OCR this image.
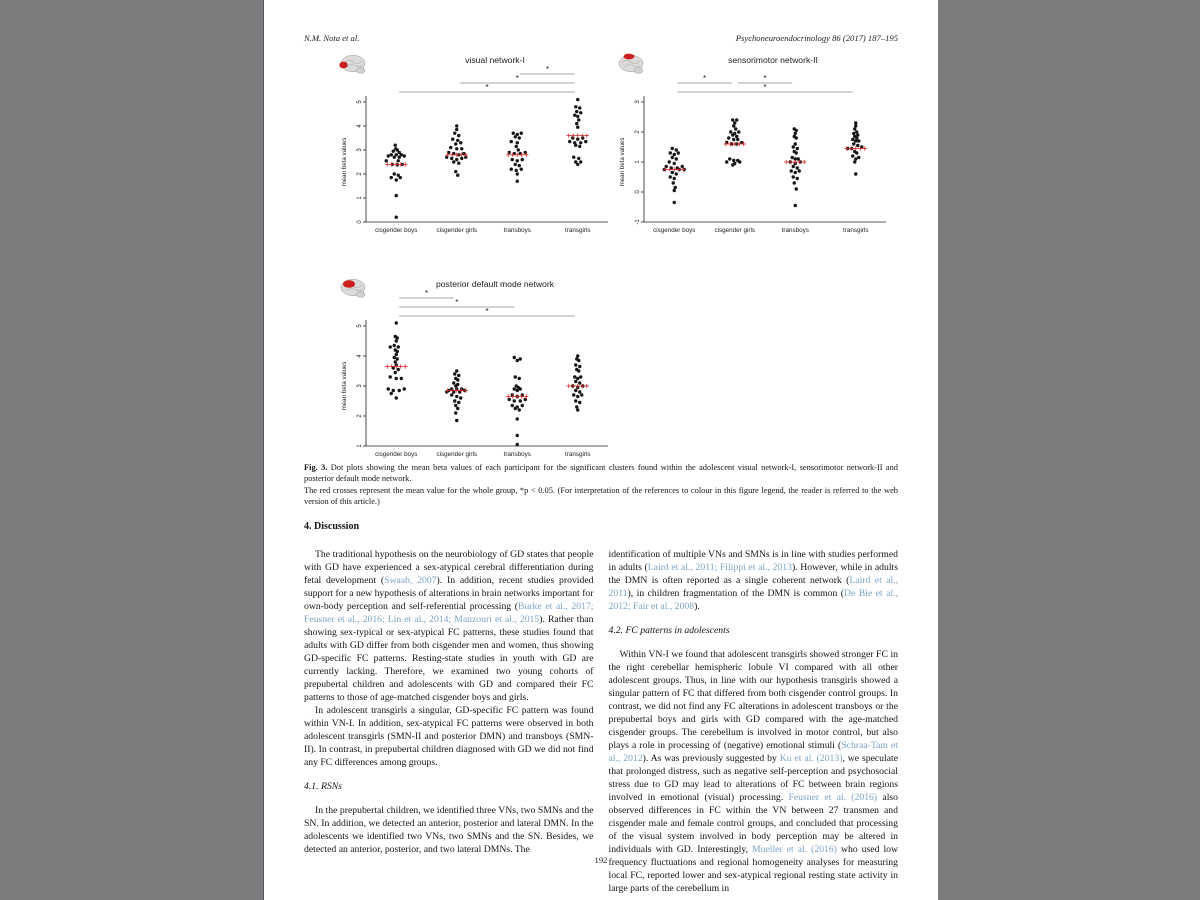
N.M. Nota et al.	Psychoneuroendocrinology 86 (2017) 187–195
visual network-I
0
1
2
3
4
5
mean beta values
*
*
*
cisgender boys	cisgender girls	transboys	transgirls
sensorimotor network-II
-1
0
1
2
3
mean beta values
*	*
*
cisgender boys	cisgender girls	transboys	transgirls
posterior default mode network
1
2
3
4
5
mean beta values
*
*
*
cisgender boys	cisgender girls	transboys	transgirls

Fig. 3. Dot plots showing the mean beta values of each participant for the significant clusters found within the adolescent visual network-I, sensorimotor network-II and posterior default mode network.

The red crosses represent the mean value for the whole group, *p < 0.05. (For interpretation of the references to colour in this figure legend, the reader is referred to the web version of this article.)

4. Discussion

The traditional hypothesis on the neurobiology of GD states that people with GD have experienced a sex-atypical cerebral differentiation during fetal development (Swaab, 2007). In addition, recent studies provided support for a new hypothesis of alterations in brain networks important for own-body perception and self-referential processing (Burke et al., 2017; Feusner et al., 2016; Lin et al., 2014; Manzouri et al., 2015). Rather than showing sex-typical or sex-atypical FC patterns, these studies found that adults with GD differ from both cisgender men and women, thus showing GD-specific FC patterns. Resting-state studies in youth with GD are currently lacking. Therefore, we examined two young cohorts of prepubertal children and adolescents with GD and compared their FC patterns to those of age-matched cisgender boys and girls.

In adolescent transgirls a singular, GD-specific FC pattern was found within VN-I. In addition, sex-atypical FC patterns were observed in both adolescent transgirls (SMN-II and posterior DMN) and transboys (SMN-II). In contrast, in prepubertal children diagnosed with GD we did not find any FC differences among groups.

4.1. RSNs

In the prepubertal children, we identified three VNs, two SMNs and the SN. In addition, we detected an anterior, posterior and lateral DMN. In the adolescents we identified two VNs, two SMNs and the SN. Besides, we detected an anterior, posterior, and two lateral DMNs. The

identification of multiple VNs and SMNs is in line with studies performed in adults (Laird et al., 2011; Filippi et al., 2013). However, while in adults the DMN is often reported as a single coherent network (Laird et al., 2011), in children fragmentation of the DMN is common (De Bie et al., 2012; Fair et al., 2008).

4.2. FC patterns in adolescents

Within VN-I we found that adolescent transgirls showed stronger FC in the right cerebellar hemispheric lobule VI compared with all other adolescent groups. Thus, in line with our hypothesis transgirls showed a singular pattern of FC that differed from both cisgender control groups. In contrast, we did not find any FC alterations in adolescent transboys or the prepubertal boys and girls with GD compared with the age-matched cisgender groups. The cerebellum is involved in motor control, but also plays a role in processing of (negative) emotional stimuli (Schraa-Tam et al., 2012). As was previously suggested by Ku et al. (2013), we speculate that prolonged distress, such as negative self-perception and psychosocial stress due to GD may lead to alterations of FC between brain regions involved in emotional (visual) processing. Feusner et al. (2016) also observed differences in FC within the VN between 27 transmen and cisgender male and female control groups, and concluded that processing of the visual system involved in body perception may be altered in individuals with GD. Interestingly, Mueller et al. (2016) who used low frequency fluctuations and regional homogeneity analyses for measuring local FC, reported lower and sex-atypical regional resting state activity in large parts of the cerebellum in

192
